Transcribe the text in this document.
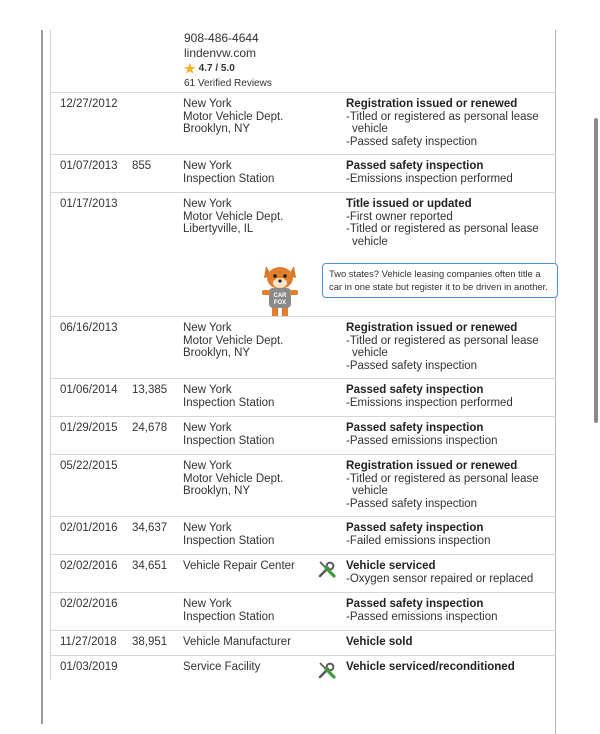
908-486-4644
lindenvw.com
★ 4.7 / 5.0
61 Verified Reviews
12/27/2012	New York
Motor Vehicle Dept.
Brooklyn, NY
Registration issued or renewed
-Titled or registered as personal lease vehicle
-Passed safety inspection
01/07/2013 855	New York
Inspection Station
Passed safety inspection
-Emissions inspection performed
01/17/2013	New York
Motor Vehicle Dept.
Libertyville, IL
Title issued or updated
-First owner reported
-Titled or registered as personal lease vehicle
CAR
FOX
Two states? Vehicle leasing companies often title a car in one state but register it to be driven in another.
06/16/2013	New York
Motor Vehicle Dept.
Brooklyn, NY
Registration issued or renewed
-Titled or registered as personal lease vehicle
-Passed safety inspection
01/06/2014 13,385 New York
Inspection Station
Passed safety inspection
-Emissions inspection performed
01/29/2015 24,678 New York
Inspection Station
Passed safety inspection
-Passed emissions inspection
05/22/2015	New York
Motor Vehicle Dept.
Brooklyn, NY
Registration issued or renewed
-Titled or registered as personal lease vehicle
-Passed safety inspection
02/01/2016 34,637 New York
Inspection Station
Passed safety inspection
-Failed emissions inspection
02/02/2016 34,651 Vehicle Repair Center	Vehicle serviced
-Oxygen sensor repaired or replaced
02/02/2016	New York
Inspection Station
Passed safety inspection
-Passed emissions inspection
11/27/2018 38,951 Vehicle Manufacturer	Vehicle sold
01/03/2019	Service Facility	Vehicle serviced/reconditioned
